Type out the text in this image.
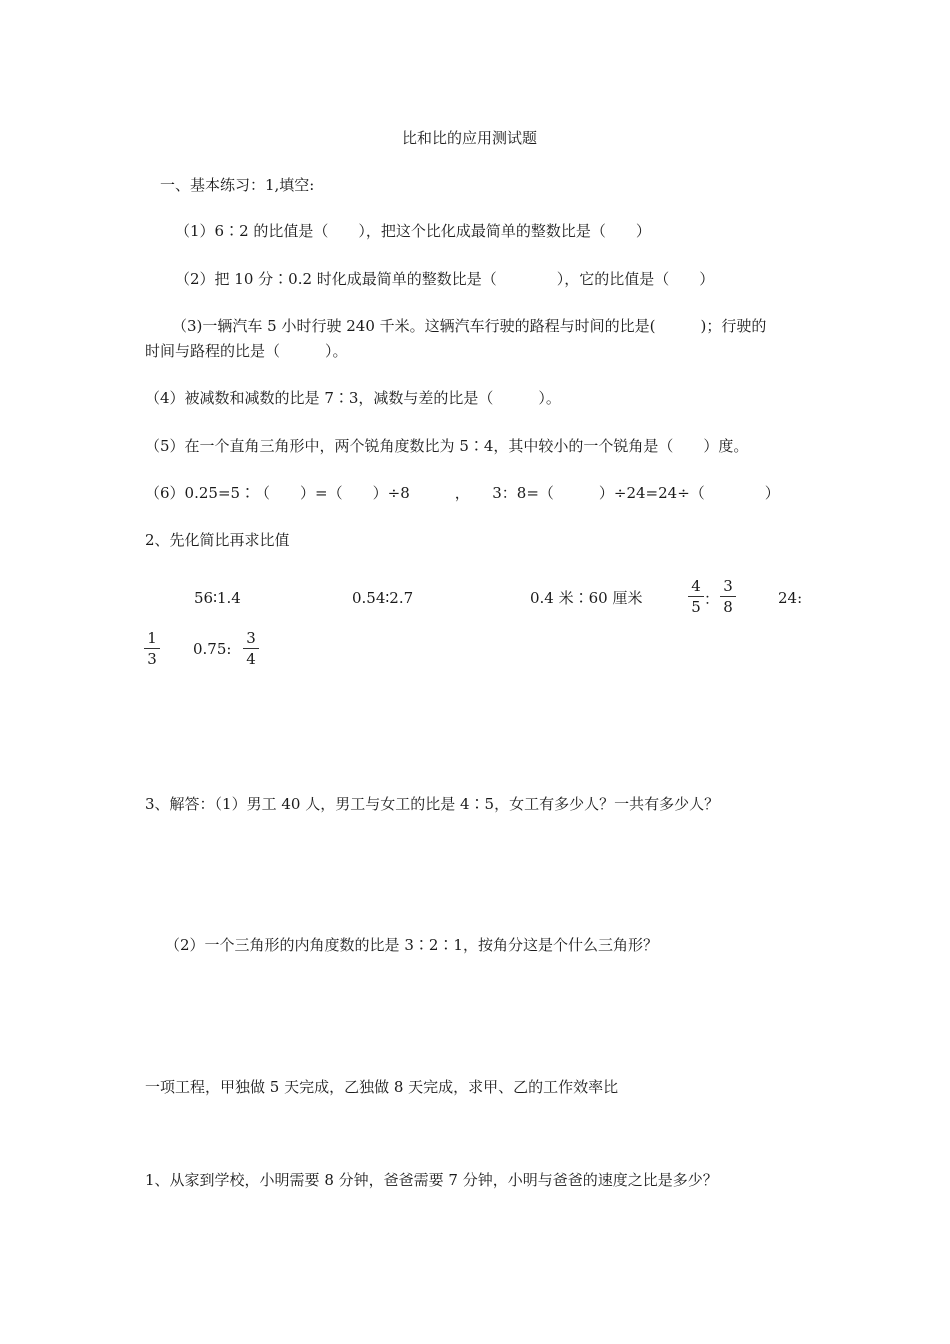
比和比的应用测试题
一、基本练习：1,填空:
（1）6∶2 的比值是（　　），把这个比化成最简单的整数比是（　　）
（2）把 10 分∶0.2 时化成最简单的整数比是（　　　　），它的比值是（　　）
（3)一辆汽车 5 小时行驶 240 千米。这辆汽车行驶的路程与时间的比是(　　　)；行驶的
时间与路程的比是（　　　）。
（4）被减数和减数的比是 7∶3，减数与差的比是（　　　）。
（5）在一个直角三角形中，两个锐角度数比为 5∶4，其中较小的一个锐角是（　　）度。
（6）0.25=5∶（　　）=（　　）÷8　　　，　　3：8=（　　　）÷24=24÷（　　　　）
2、先化简比再求比值
56∶1.4	0.54∶2.7	0.4 米∶60 厘米
4
5 ：
3
8	24:
1
3
0.75:
3
4
3、解答：（1）男工 40 人，男工与女工的比是 4∶5，女工有多少人？一共有多少人？
（2）一个三角形的内角度数的比是 3∶2∶1，按角分这是个什么三角形？
一项工程，甲独做 5 天完成，乙独做 8 天完成，求甲、乙的工作效率比
1、从家到学校，小明需要 8 分钟，爸爸需要 7 分钟，小明与爸爸的速度之比是多少？
